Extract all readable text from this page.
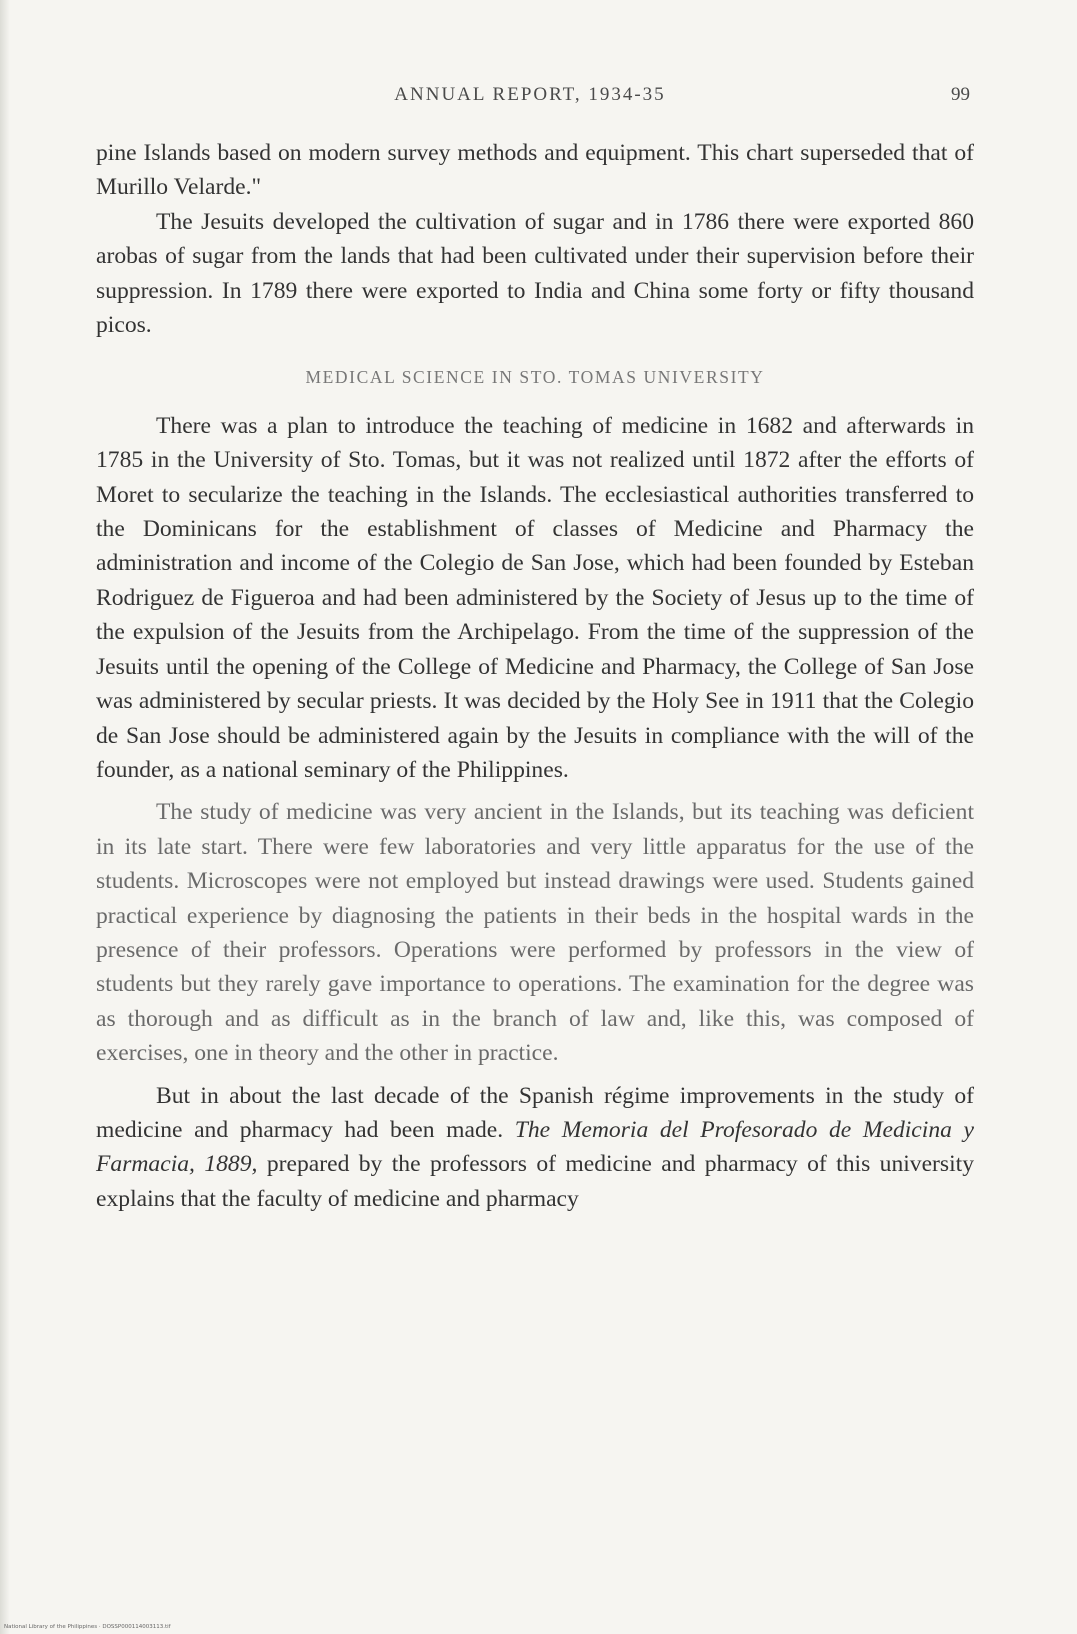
ANNUAL REPORT, 1934-35	99

pine Islands based on modern survey methods and equipment. This chart superseded that of Murillo Velarde."

The Jesuits developed the cultivation of sugar and in 1786 there were exported 860 arobas of sugar from the lands that had been cultivated under their supervision before their suppression. In 1789 there were exported to India and China some forty or fifty thousand picos.

MEDICAL SCIENCE IN STO. TOMAS UNIVERSITY

There was a plan to introduce the teaching of medicine in 1682 and afterwards in 1785 in the University of Sto. Tomas, but it was not realized until 1872 after the efforts of Moret to secularize the teaching in the Islands. The ecclesiastical authorities transferred to the Dominicans for the establishment of classes of Medicine and Pharmacy the administration and income of the Colegio de San Jose, which had been founded by Esteban Rodriguez de Figueroa and had been administered by the Society of Jesus up to the time of the expulsion of the Jesuits from the Archipelago. From the time of the suppression of the Jesuits until the opening of the College of Medicine and Pharmacy, the College of San Jose was administered by secular priests. It was decided by the Holy See in 1911 that the Colegio de San Jose should be administered again by the Jesuits in compliance with the will of the founder, as a national seminary of the Philippines.

The study of medicine was very ancient in the Islands, but its teaching was deficient in its late start. There were few laboratories and very little apparatus for the use of the students. Microscopes were not employed but instead drawings were used. Students gained practical experience by diagnosing the patients in their beds in the hospital wards in the presence of their professors. Operations were performed by professors in the view of students but they rarely gave importance to operations. The examination for the degree was as thorough and as difficult as in the branch of law and, like this, was composed of exercises, one in theory and the other in practice.

But in about the last decade of the Spanish régime improvements in the study of medicine and pharmacy had been made. The Memoria del Profesorado de Medicina y Farmacia, 1889, prepared by the professors of medicine and pharmacy of this university explains that the faculty of medicine and pharmacy

National Library of the Philippines · DOSSP000114003113.tif
